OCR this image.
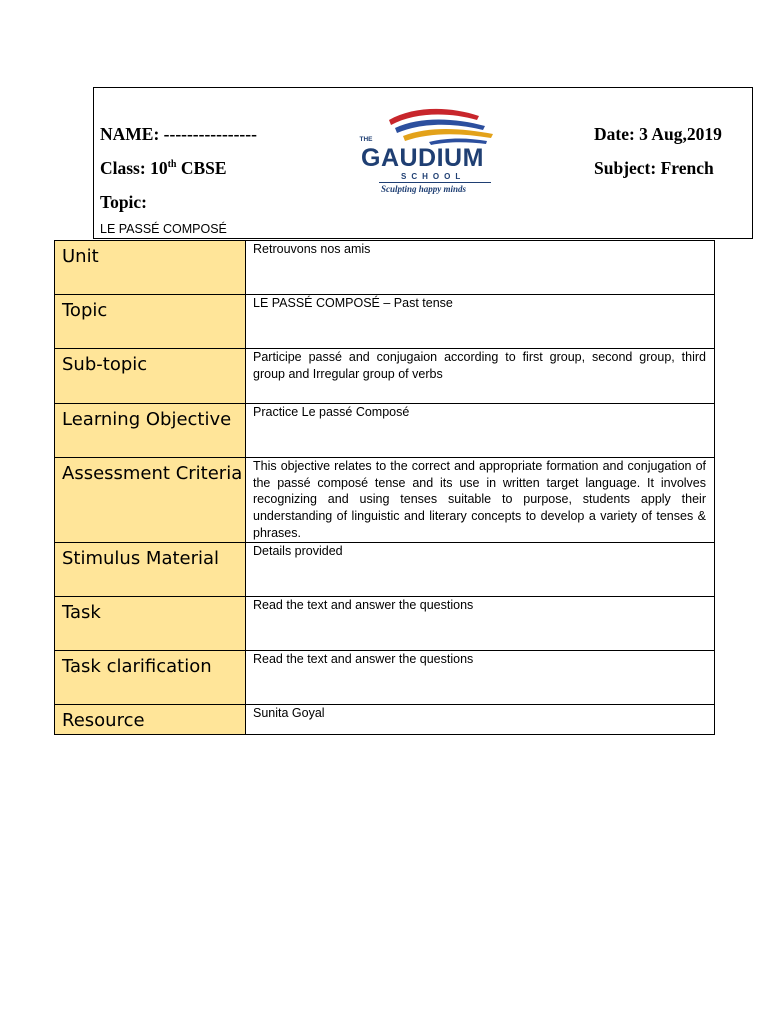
NAME: ----------------
Class: 10th CBSE
Topic:
LE PASSÉ COMPOSÉ
Date: 3 Aug,2019
Subject: French
THE
GAUDIUM
SCHOOL
Sculpting happy minds
Unit	Retrouvons nos amis
Topic	LE PASSÉ COMPOSÉ – Past tense
Sub-topic	Participe passé and conjugaion according to first group, second group, third group and Irregular group of verbs
Learning Objective	Practice Le passé Composé
Assessment Criteria	This objective relates to the correct and appropriate formation and conjugation of the passé composé tense and its use in written target language. It involves recognizing and using tenses suitable to purpose, students apply their understanding of linguistic and literary concepts to develop a variety of tenses & phrases.
Stimulus Material	Details provided
Task	Read the text and answer the questions
Task clarification	Read the text and answer the questions
Resource	Sunita Goyal
